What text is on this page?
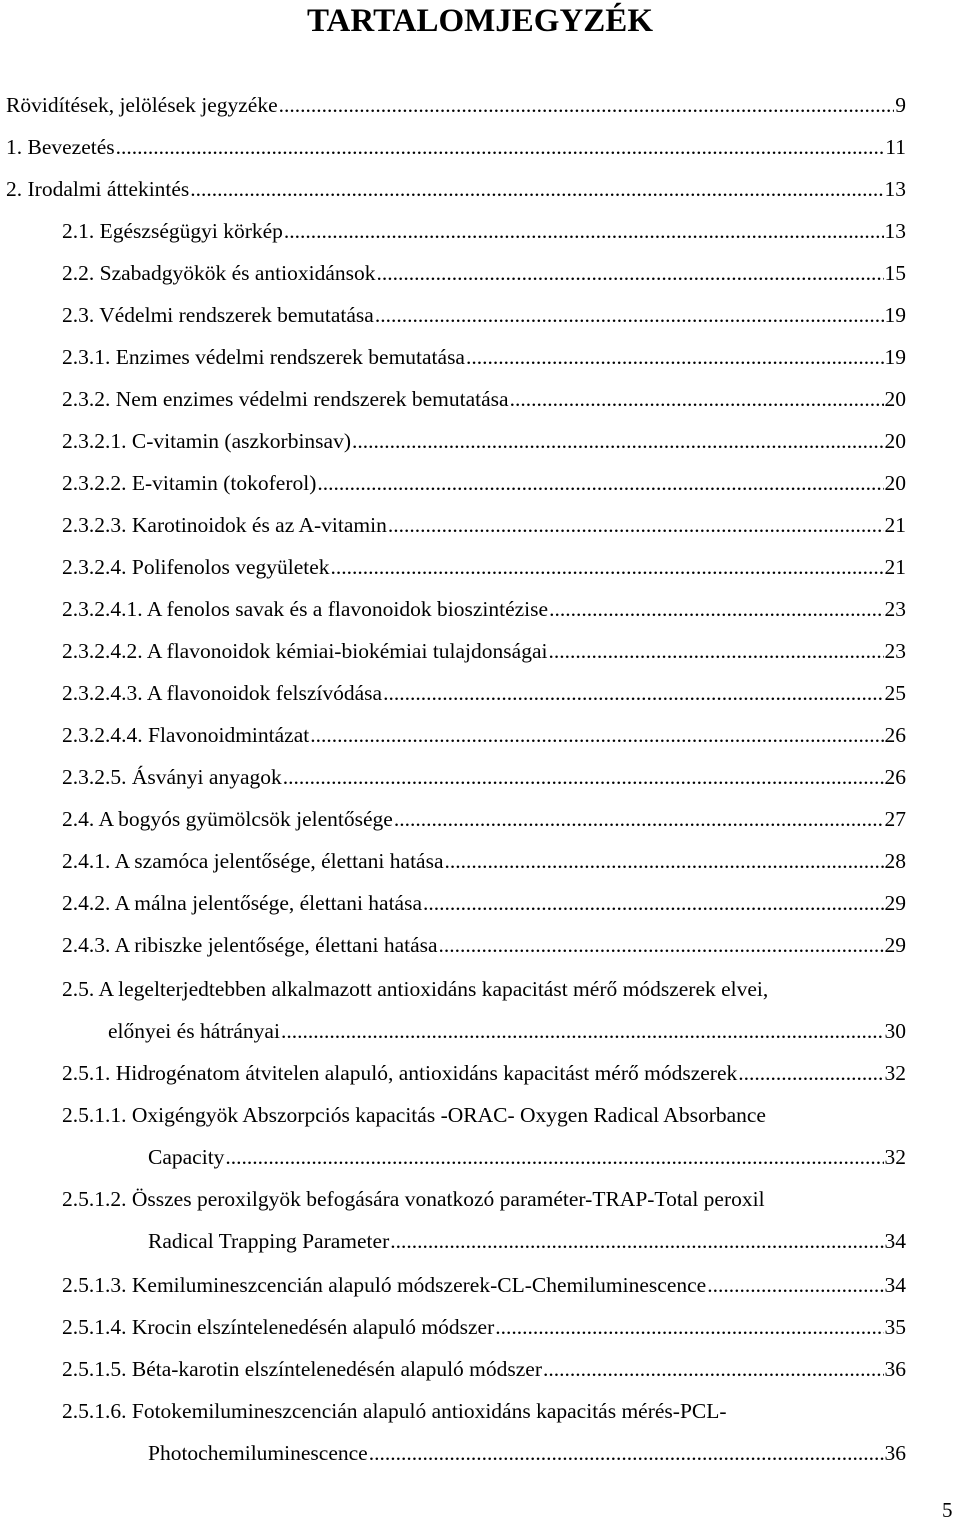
TARTALOMJEGYZÉK
Rövidítések, jelölések jegyzéke .....	9
1. Bevezetés .....	11
2. Irodalmi áttekintés .....	13
2.1. Egészségügyi körkép .....	13
2.2. Szabadgyökök és antioxidánsok .....	15
2.3. Védelmi rendszerek bemutatása .....	19
2.3.1. Enzimes védelmi rendszerek bemutatása .....	19
2.3.2. Nem enzimes védelmi rendszerek bemutatása .....	20
2.3.2.1. C-vitamin (aszkorbinsav) .....	20
2.3.2.2. E-vitamin (tokoferol) .....	20
2.3.2.3. Karotinoidok és az A-vitamin .....	21
2.3.2.4. Polifenolos vegyületek .....	21
2.3.2.4.1. A fenolos savak és a flavonoidok bioszintézise .....	23
2.3.2.4.2. A flavonoidok kémiai-biokémiai tulajdonságai .....	23
2.3.2.4.3. A flavonoidok felszívódása .....	25
2.3.2.4.4. Flavonoidmintázat .....	26
2.3.2.5. Ásványi anyagok .....	26
2.4. A bogyós gyümölcsök jelentősége .....	27
2.4.1. A szamóca jelentősége, élettani hatása .....	28
2.4.2. A málna jelentősége, élettani hatása .....	29
2.4.3. A ribiszke jelentősége, élettani hatása .....	29
2.5. A legelterjedtebben alkalmazott antioxidáns kapacitást mérő módszerek elvei,
előnyei és hátrányai .....	30
2.5.1. Hidrogénatom átvitelen alapuló, antioxidáns kapacitást mérő módszerek .....	32
2.5.1.1. Oxigéngyök Abszorpciós kapacitás -ORAC- Oxygen Radical Absorbance
Capacity .....	32
2.5.1.2. Összes peroxilgyök befogására vonatkozó paraméter-TRAP-Total peroxil
Radical Trapping Parameter .....	34
2.5.1.3. Kemilumineszcencián alapuló módszerek-CL-Chemiluminescence .....	34
2.5.1.4. Krocin elszíntelenedésén alapuló módszer .....	35
2.5.1.5. Béta-karotin elszíntelenedésén alapuló módszer .....	36
2.5.1.6. Fotokemilumineszcencián alapuló antioxidáns kapacitás mérés-PCL-
Photochemiluminescence .....	36
5
